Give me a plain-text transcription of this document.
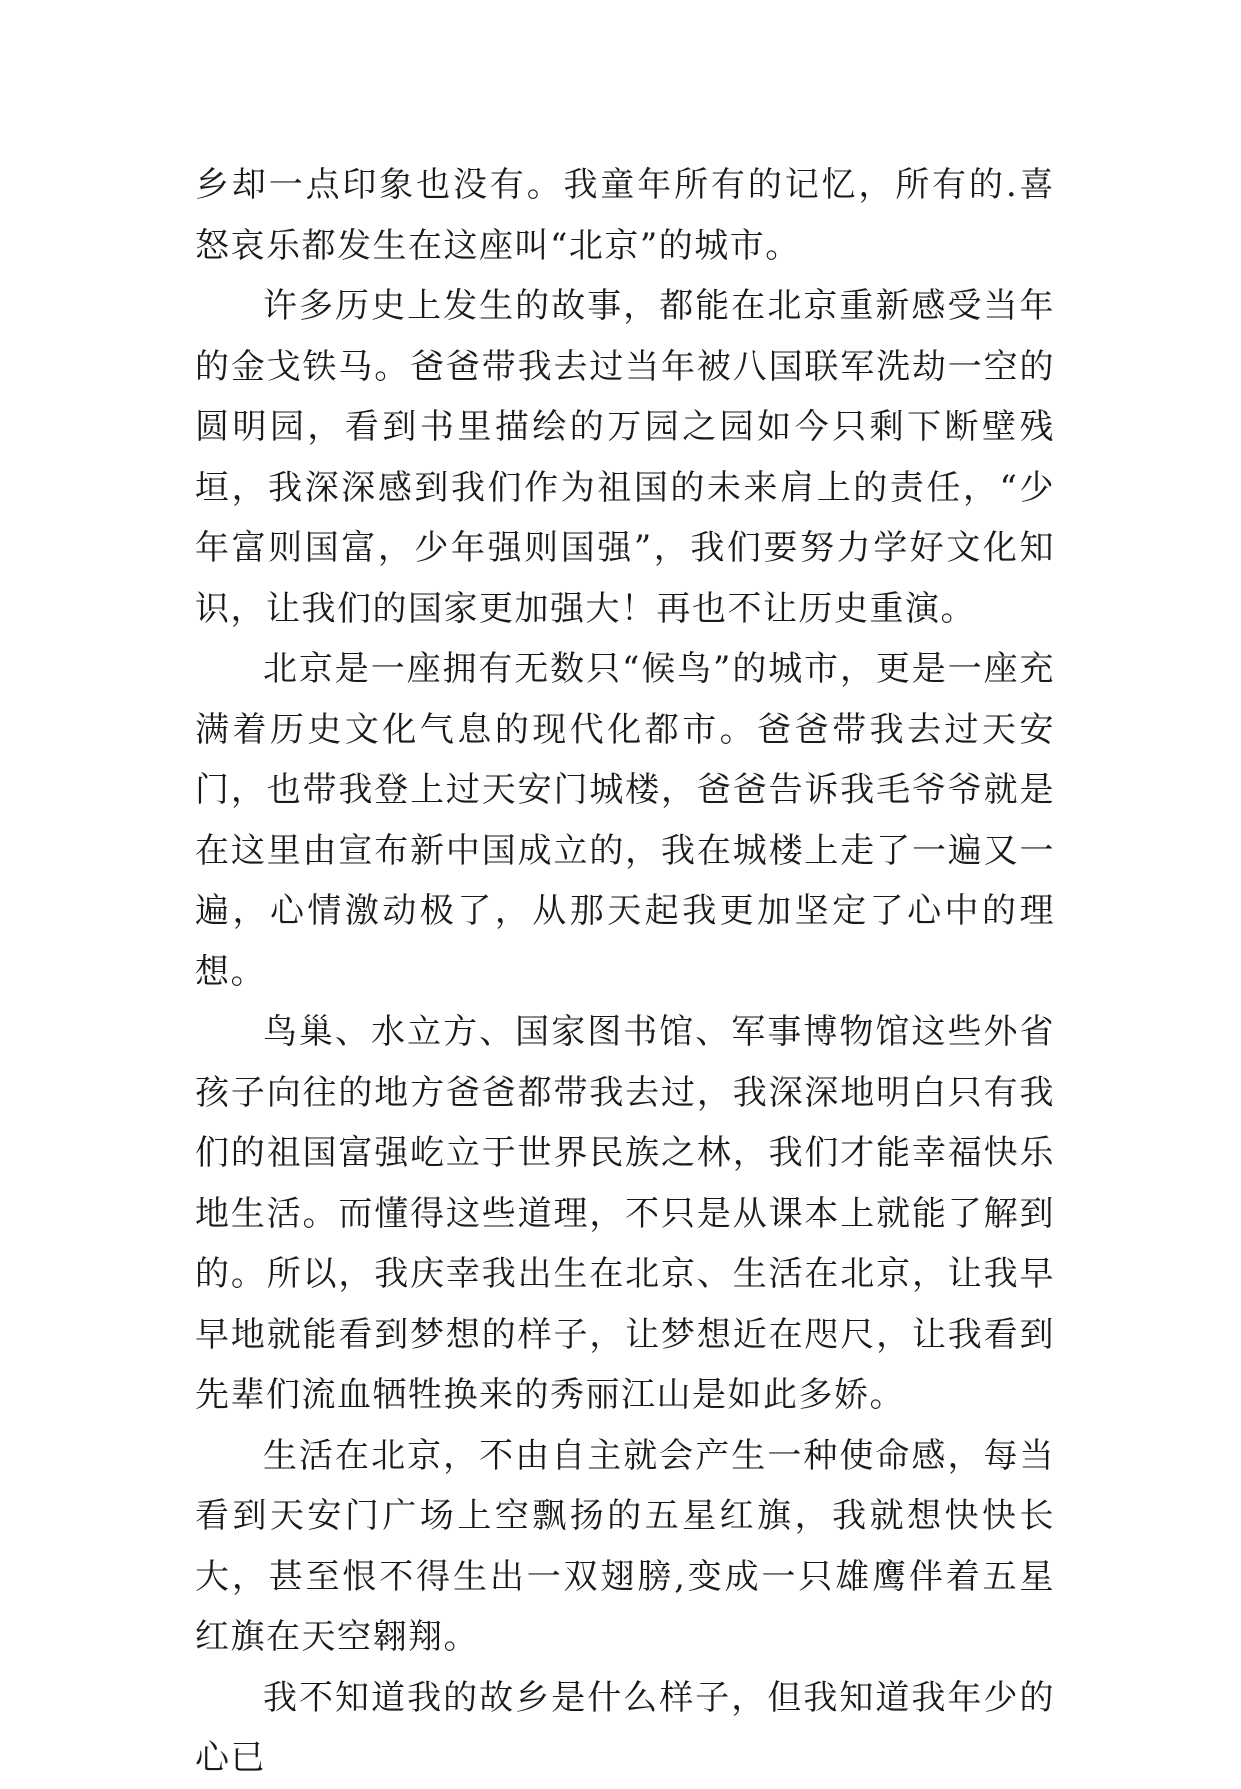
乡却一点印象也没有。我童年所有的记忆，所有的.喜怒哀乐都发生在这座叫“北京”的城市。

许多历史上发生的故事，都能在北京重新感受当年的金戈铁马。爸爸带我去过当年被八国联军洗劫一空的圆明园，看到书里描绘的万园之园如今只剩下断壁残垣，我深深感到我们作为祖国的未来肩上的责任，“少年富则国富，少年强则国强”，我们要努力学好文化知识，让我们的国家更加强大！再也不让历史重演。

北京是一座拥有无数只“候鸟”的城市，更是一座充满着历史文化气息的现代化都市。爸爸带我去过天安门，也带我登上过天安门城楼，爸爸告诉我毛爷爷就是在这里由宣布新中国成立的，我在城楼上走了一遍又一遍，心情激动极了，从那天起我更加坚定了心中的理想。

鸟巢、水立方、国家图书馆、军事博物馆这些外省孩子向往的地方爸爸都带我去过，我深深地明白只有我们的祖国富强屹立于世界民族之林，我们才能幸福快乐地生活。而懂得这些道理，不只是从课本上就能了解到的。所以，我庆幸我出生在北京、生活在北京，让我早早地就能看到梦想的样子，让梦想近在咫尺，让我看到先辈们流血牺牲换来的秀丽江山是如此多娇。

生活在北京，不由自主就会产生一种使命感，每当看到天安门广场上空飘扬的五星红旗，我就想快快长大，甚至恨不得生出一双翅膀,变成一只雄鹰伴着五星红旗在天空翱翔。

我不知道我的故乡是什么样子，但我知道我年少的心已
